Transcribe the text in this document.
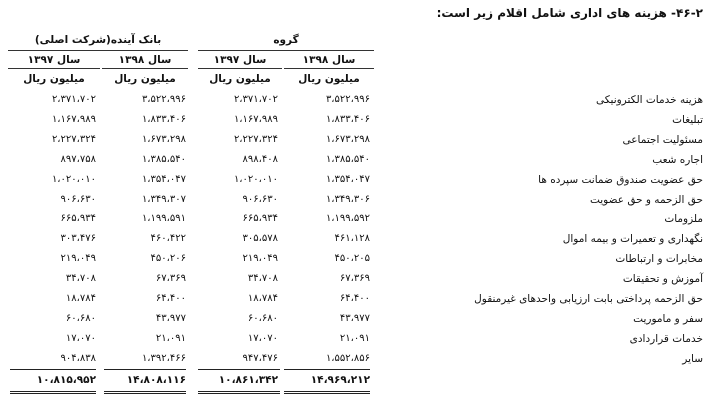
۴۶-۲- هزینه های اداری شامل اقلام زیر است:
گروه
بانک آینده(شرکت اصلی)
سال ۱۳۹۸
سال ۱۳۹۷
سال ۱۳۹۸
سال ۱۳۹۷
میلیون ریال
میلیون ریال
میلیون ریال
میلیون ریال
هزینه خدمات الکترونیکی
۳،۵۲۲،۹۹۶
۲،۳۷۱،۷۰۲
۳،۵۲۲،۹۹۶
۲،۳۷۱،۷۰۲
تبلیغات
۱،۸۳۳،۴۰۶
۱،۱۶۷،۹۸۹
۱،۸۳۳،۴۰۶
۱،۱۶۷،۹۸۹
مسئولیت اجتماعی
۱،۶۷۳،۲۹۸
۲،۲۲۷،۳۲۴
۱،۶۷۳،۲۹۸
۲،۲۲۷،۳۲۴
اجاره شعب
۱،۳۸۵،۵۴۰
۸۹۸،۴۰۸
۱،۳۸۵،۵۴۰
۸۹۷،۷۵۸
حق عضویت صندوق ضمانت سپرده ها
۱،۳۵۴،۰۴۷
۱،۰۲۰،۰۱۰
۱،۳۵۴،۰۴۷
۱،۰۲۰،۰۱۰
حق الزحمه و حق عضویت
۱،۳۴۹،۳۰۶
۹۰۶،۶۳۰
۱،۳۴۹،۳۰۷
۹۰۶،۶۳۰
ملزومات
۱،۱۹۹،۵۹۲
۶۶۵،۹۳۴
۱،۱۹۹،۵۹۱
۶۶۵،۹۳۴
نگهداری و تعمیرات و بیمه اموال
۴۶۱،۱۲۸
۳۰۵،۵۷۸
۴۶۰،۴۲۲
۳۰۳،۴۷۶
مخابرات و ارتباطات
۴۵۰،۲۰۵
۲۱۹،۰۴۹
۴۵۰،۲۰۶
۲۱۹،۰۴۹
آموزش و تحقیقات
۶۷،۳۶۹
۳۴،۷۰۸
۶۷،۳۶۹
۳۴،۷۰۸
حق الزحمه پرداختی بابت ارزیابی واحدهای غیرمنقول
۶۴،۴۰۰
۱۸،۷۸۴
۶۴،۴۰۰
۱۸،۷۸۴
سفر و ماموریت
۴۳،۹۷۷
۶۰،۶۸۰
۴۳،۹۷۷
۶۰،۶۸۰
خدمات قراردادی
۲۱،۰۹۱
۱۷،۰۷۰
۲۱،۰۹۱
۱۷،۰۷۰
سایر
۱،۵۵۲،۸۵۶
۹۴۷،۴۷۶
۱،۳۹۲،۴۶۶
۹۰۴،۸۳۸
۱۴،۹۶۹،۲۱۲
۱۰،۸۶۱،۳۴۲
۱۴،۸۰۸،۱۱۶
۱۰،۸۱۵،۹۵۲
